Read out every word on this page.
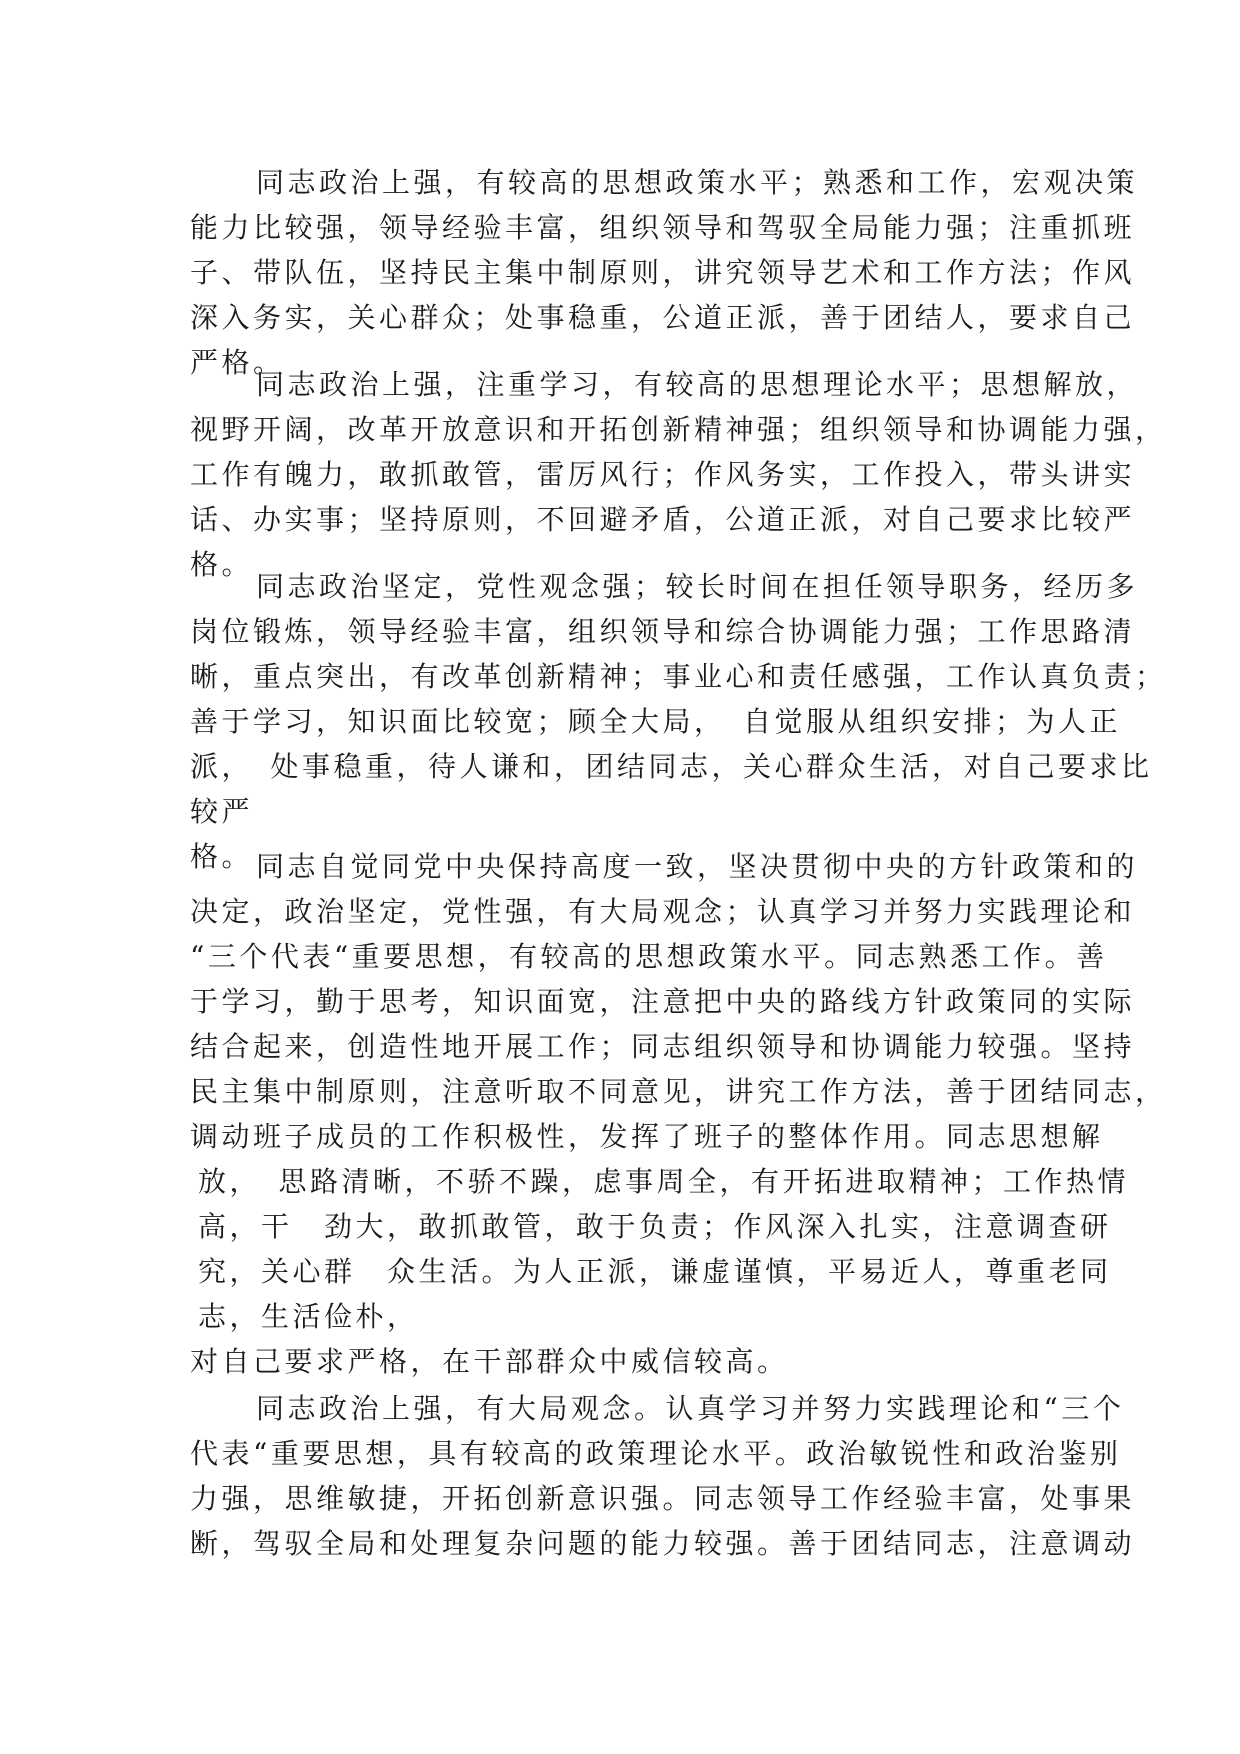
同志政治上强，有较高的思想政策水平；熟悉和工作，宏观决策
能力比较强，领导经验丰富，组织领导和驾驭全局能力强；注重抓班
子、带队伍，坚持民主集中制原则，讲究领导艺术和工作方法；作风
深入务实，关心群众；处事稳重，公道正派，善于团结人，要求自己
严格。
同志政治上强，注重学习，有较高的思想理论水平；思想解放，
视野开阔，改革开放意识和开拓创新精神强；组织领导和协调能力强，
工作有魄力，敢抓敢管，雷厉风行；作风务实，工作投入，带头讲实
话、办实事；坚持原则，不回避矛盾，公道正派，对自己要求比较严
格。
同志政治坚定，党性观念强；较长时间在担任领导职务，经历多
岗位锻炼，领导经验丰富，组织领导和综合协调能力强；工作思路清
晰，重点突出，有改革创新精神；事业心和责任感强，工作认真负责；
善于学习，知识面比较宽；顾全大局，　自觉服从组织安排；为人正
派，　处事稳重，待人谦和，团结同志，关心群众生活，对自己要求比
较严
格。 同志自觉同党中央保持高度一致，坚决贯彻中央的方针政策和的
决定，政治坚定，党性强，有大局观念；认真学习并努力实践理论和
“三个代表“重要思想，有较高的思想政策水平。同志熟悉工作。善
于学习，勤于思考，知识面宽，注意把中央的路线方针政策同的实际
结合起来，创造性地开展工作；同志组织领导和协调能力较强。坚持
民主集中制原则，注意听取不同意见，讲究工作方法，善于团结同志，
调动班子成员的工作积极性，发挥了班子的整体作用。同志思想解
放，　思路清晰，不骄不躁，虑事周全，有开拓进取精神；工作热情
高，干　劲大，敢抓敢管，敢于负责；作风深入扎实，注意调查研
究，关心群　众生活。为人正派，谦虚谨慎，平易近人，尊重老同
志，生活俭朴，
对自己要求严格，在干部群众中威信较高。
同志政治上强，有大局观念。认真学习并努力实践理论和“三个
代表“重要思想，具有较高的政策理论水平。政治敏锐性和政治鉴别
力强，思维敏捷，开拓创新意识强。同志领导工作经验丰富，处事果
断，驾驭全局和处理复杂问题的能力较强。善于团结同志，注意调动
